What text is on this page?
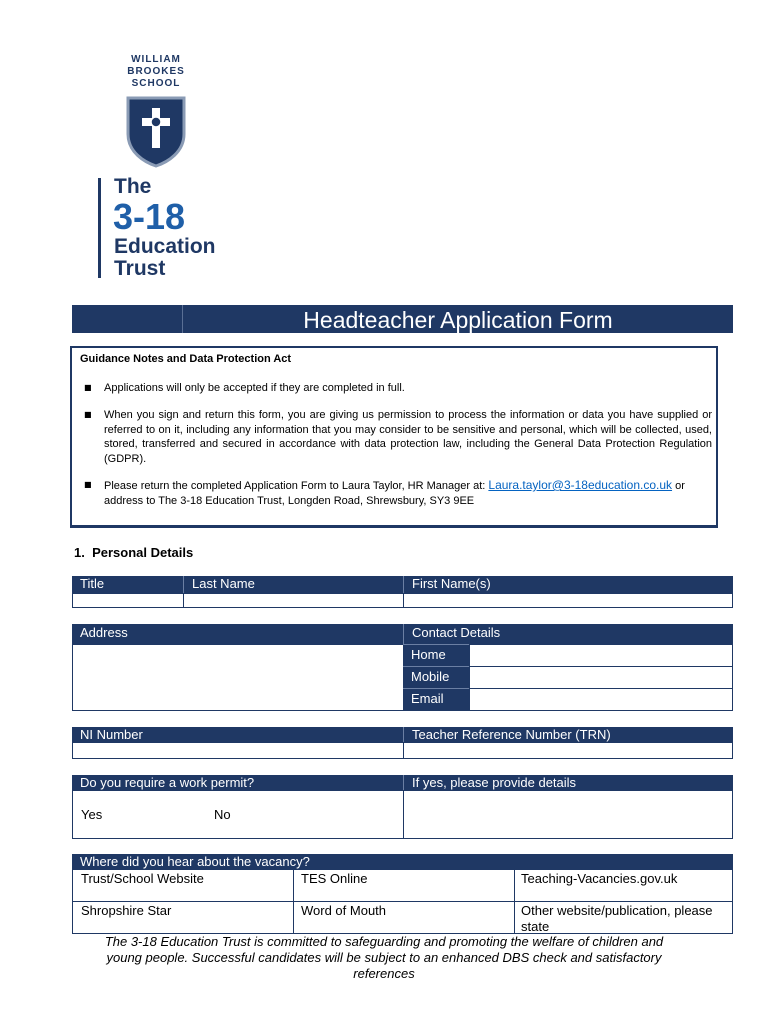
WILLIAM
BROOKES
SCHOOL
The
3-18
Education
Trust
Headteacher Application Form
Guidance Notes and Data Protection Act
■ Applications will only be accepted if they are completed in full.
■ When you sign and return this form, you are giving us permission to process the information or data you have supplied or referred to on it, including any information that you may consider to be sensitive and personal, which will be collected, used, stored, transferred and secured in accordance with data protection law, including the General Data Protection Regulation (GDPR).
■ Please return the completed Application Form to Laura Taylor, HR Manager at: Laura.taylor@3-18education.co.uk or address to The 3-18 Education Trust, Longden Road, Shrewsbury, SY3 9EE
1.  Personal Details
Title	Last Name	First Name(s)
Address	Contact Details
Home
Mobile
Email
NI Number	Teacher Reference Number (TRN)
Do you require a work permit?	If yes, please provide details
Yes	No
Where did you hear about the vacancy?
Trust/School Website	TES Online	Teaching-Vacancies.gov.uk
Shropshire Star	Word of Mouth	Other website/publication, please state
The 3-18 Education Trust is committed to safeguarding and promoting the welfare of children and young people. Successful candidates will be subject to an enhanced DBS check and satisfactory references
